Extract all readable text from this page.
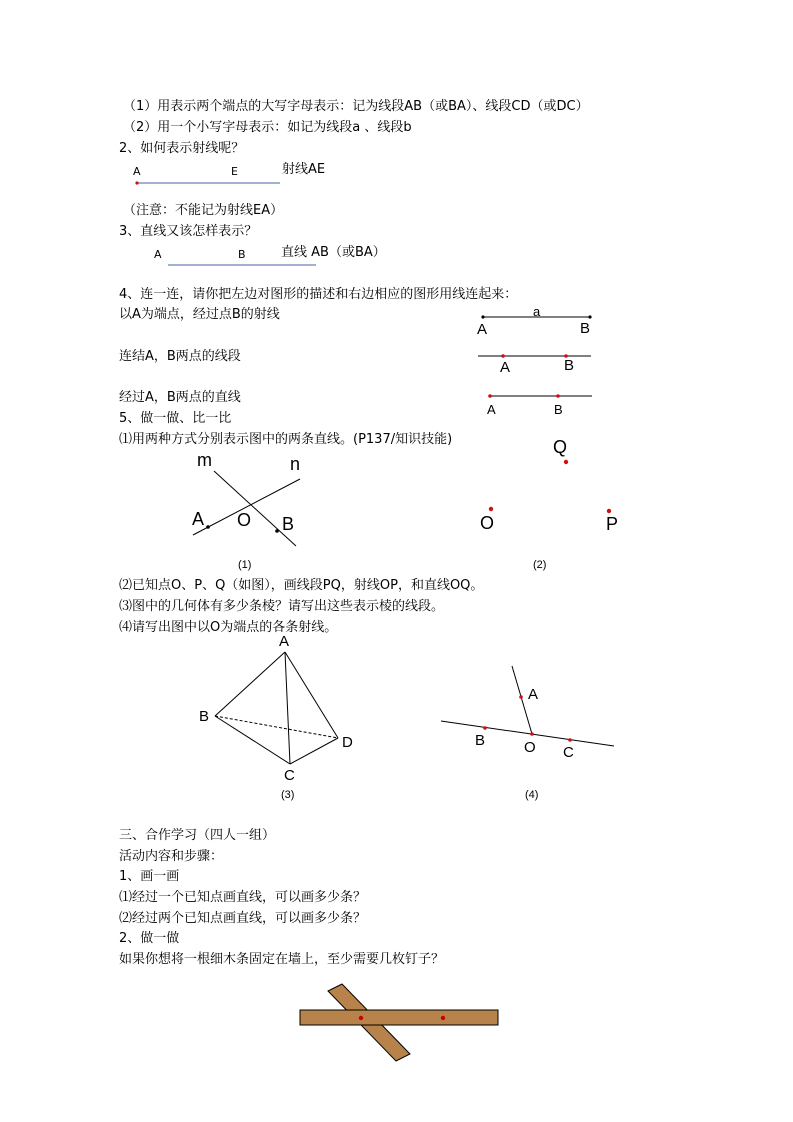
（1）用表示两个端点的大写字母表示：记为线段AB（或BA）、线段CD（或DC）
（2）用一个小写字母表示：如记为线段a 、线段b
2、如何表示射线呢？
A	E	射线AE
（注意：不能记为射线EA）
3、直线又该怎样表示？
A	B	直线 AB（或BA）
4、连一连，请你把左边对图形的描述和右边相应的图形用线连起来：
以A为端点，经过点B的射线
连结A，B两点的线段
经过A，B两点的直线
a
A	B
A	B
A	B
5、做一做、比一比
⑴用两种方式分别表示图中的两条直线。(P137/知识技能)
m	n
A O B
(1)
Q
O	P
(2)
⑵已知点O、P、Q（如图），画线段PQ，射线OP，和直线OQ。
⑶图中的几何体有多少条棱？请写出这些表示棱的线段。
⑷请写出图中以O为端点的各条射线。
A
B
C
D
(3)
A
B	O C
(4)
三、合作学习（四人一组）
活动内容和步骤：
1、画一画
⑴经过一个已知点画直线，可以画多少条？
⑵经过两个已知点画直线，可以画多少条？
2、做一做
如果你想将一根细木条固定在墙上，至少需要几枚钉子？
